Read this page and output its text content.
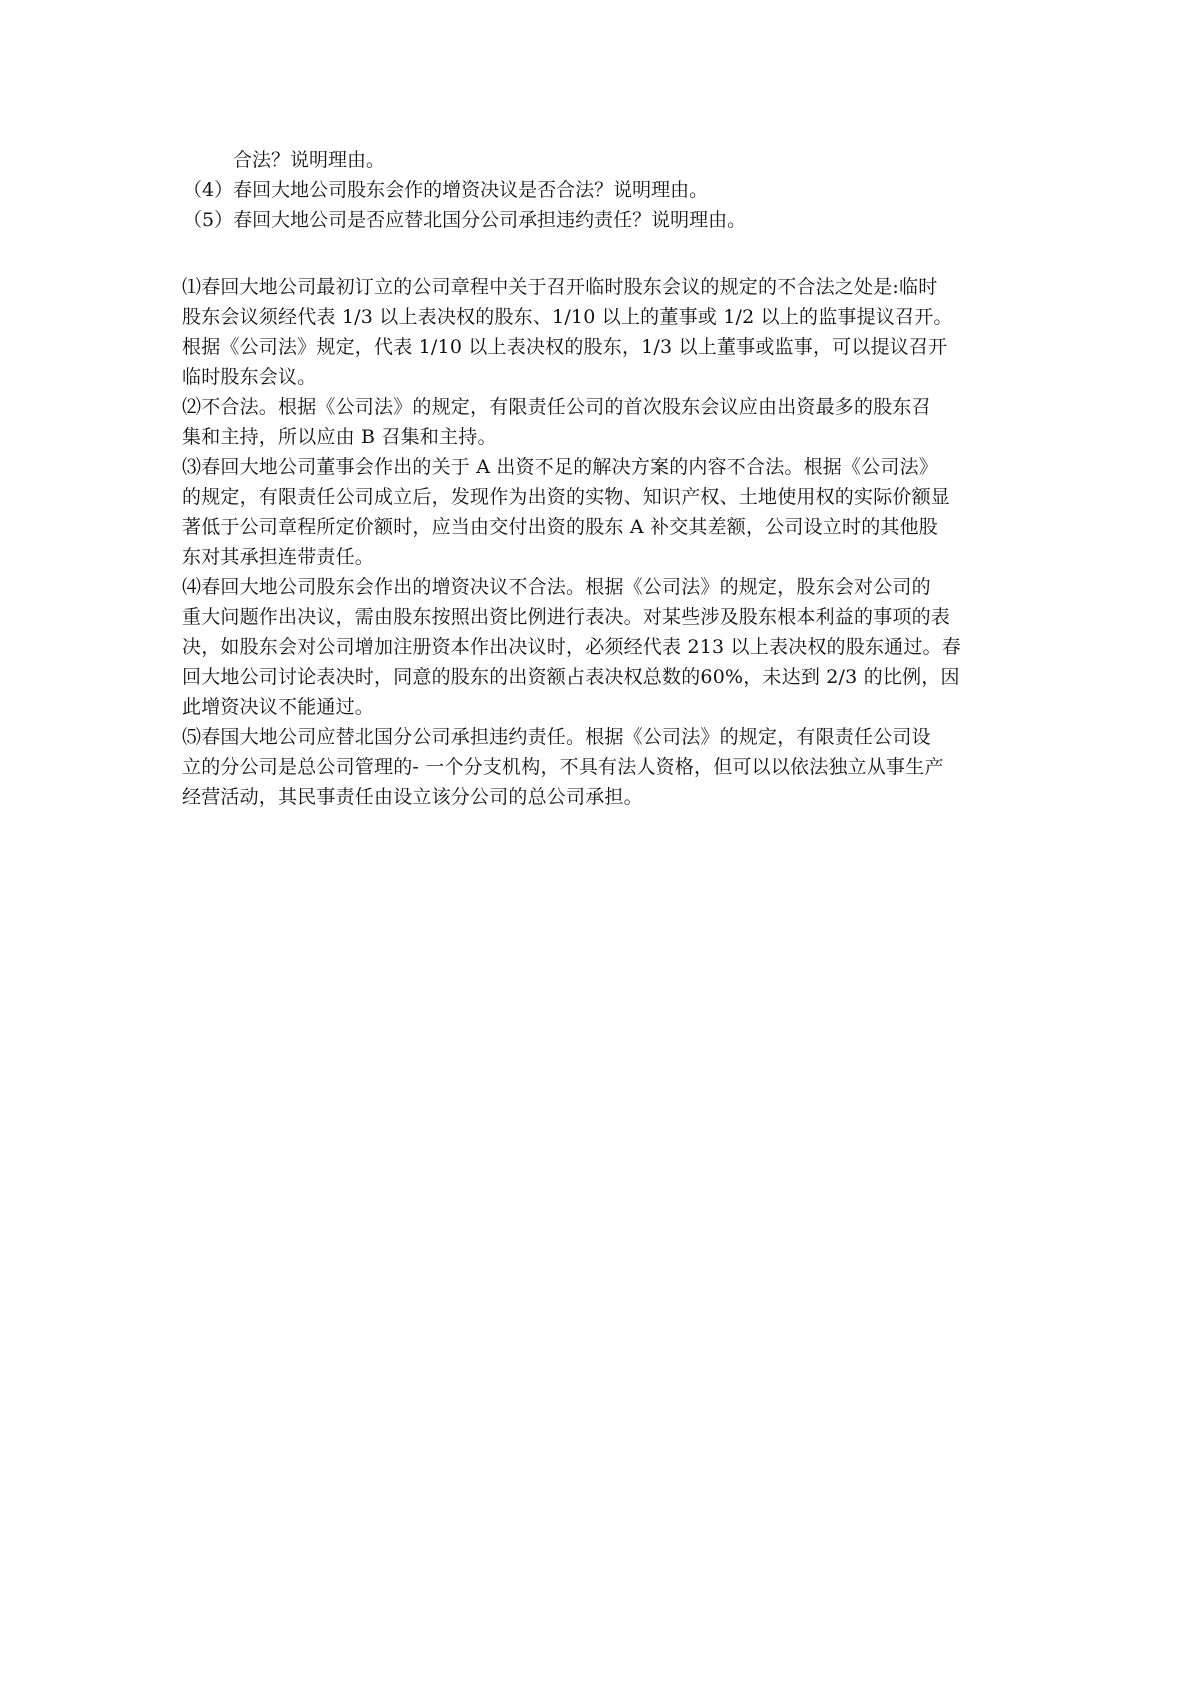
合法？说明理由。
（4）春回大地公司股东会作的增资决议是否合法？说明理由。
（5）春回大地公司是否应替北国分公司承担违约责任？说明理由。
⑴春回大地公司最初订立的公司章程中关于召开临时股东会议的规定的不合法之处是:临时
股东会议须经代表 1/3 以上表决权的股东、1/10 以上的董事或 1/2 以上的监事提议召开。
根据《公司法》规定，代表 1/10 以上表决权的股东，1/3 以上董事或监事，可以提议召开
临时股东会议。
⑵不合法。根据《公司法》的规定，有限责任公司的首次股东会议应由出资最多的股东召
集和主持，所以应由 B 召集和主持。
⑶春回大地公司董事会作出的关于 A 出资不足的解决方案的内容不合法。根据《公司法》
的规定，有限责任公司成立后，发现作为出资的实物、知识产权、土地使用权的实际价额显
著低于公司章程所定价额时，应当由交付出资的股东 A 补交其差额，公司设立时的其他股
东对其承担连带责任。
⑷春回大地公司股东会作出的增资决议不合法。根据《公司法》的规定，股东会对公司的
重大问题作出决议，需由股东按照出资比例进行表决。对某些涉及股东根本利益的事项的表
决，如股东会对公司增加注册资本作出决议时，必须经代表 213 以上表决权的股东通过。春
回大地公司讨论表决时，同意的股东的出资额占表决权总数的60%，未达到 2/3 的比例，因
此增资决议不能通过。
⑸春国大地公司应替北国分公司承担违约责任。根据《公司法》的规定，有限责任公司设
立的分公司是总公司管理的- 一个分支机构，不具有法人资格，但可以以依法独立从事生产
经营活动，其民事责任由设立该分公司的总公司承担。
